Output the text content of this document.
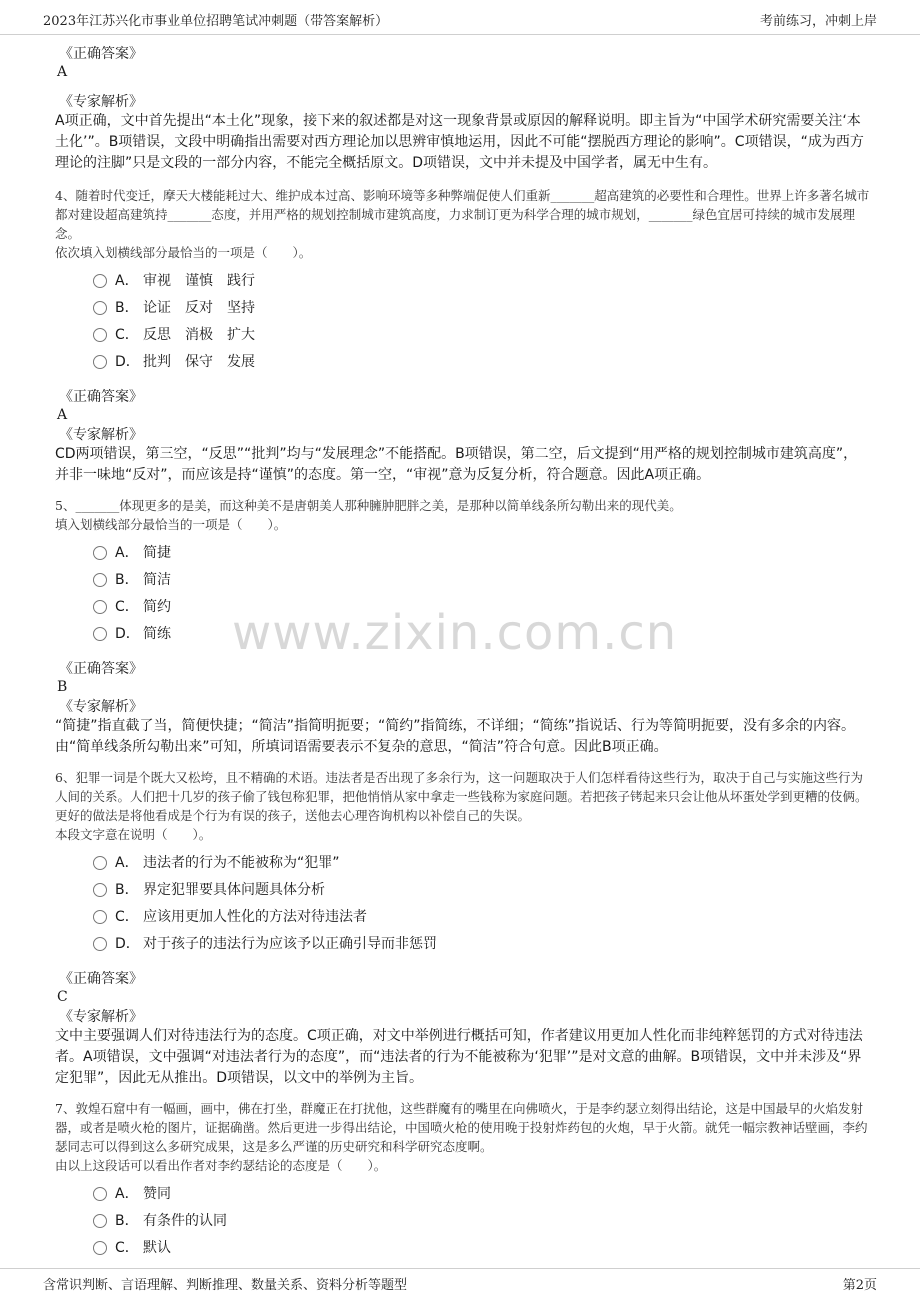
2023年江苏兴化市事业单位招聘笔试冲刺题（带答案解析）	考前练习，冲刺上岸
www.zixin.com.cn
《正确答案》
A
《专家解析》

A项正确，文中首先提出“本土化”现象，接下来的叙述都是对这一现象背景或原因的解释说明。即主旨为“中国学术研究需要关注‘本土化’”。B项错误，文段中明确指出需要对西方理论加以思辨审慎地运用，因此不可能“摆脱西方理论的影响”。C项错误，“成为西方理论的注脚”只是文段的一部分内容，不能完全概括原文。D项错误，文中并未提及中国学者，属无中生有。

4、随着时代变迁，摩天大楼能耗过大、维护成本过高、影响环境等多种弊端促使人们重新_______超高建筑的必要性和合理性。世界上许多著名城市都对建设超高建筑持_______态度，并用严格的规划控制城市建筑高度，力求制订更为科学合理的城市规划，_______绿色宜居可持续的城市发展理念。

依次填入划横线部分最恰当的一项是（　　）。

A． 审视　谨慎　践行
B． 论证　反对　坚持
C． 反思　消极　扩大
D． 批判　保守　发展
《正确答案》
A
《专家解析》

CD两项错误，第三空，“反思”“批判”均与“发展理念”不能搭配。B项错误，第二空，后文提到“用严格的规划控制城市建筑高度”，并非一味地“反对”，而应该是持“谨慎”的态度。第一空，“审视”意为反复分析，符合题意。因此A项正确。

5、_______体现更多的是美，而这种美不是唐朝美人那种臃肿肥胖之美，是那种以简单线条所勾勒出来的现代美。

填入划横线部分最恰当的一项是（　　）。

A． 简捷
B． 简洁
C． 简约
D． 简练
《正确答案》
B
《专家解析》

“简捷”指直截了当，简便快捷；“简洁”指简明扼要；“简约”指简练，不详细；“简练”指说话、行为等简明扼要，没有多余的内容。由“简单线条所勾勒出来”可知，所填词语需要表示不复杂的意思，“简洁”符合句意。因此B项正确。

6、犯罪一词是个既大又松垮，且不精确的术语。违法者是否出现了多余行为，这一问题取决于人们怎样看待这些行为，取决于自己与实施这些行为人间的关系。人们把十几岁的孩子偷了钱包称犯罪，把他悄悄从家中拿走一些钱称为家庭问题。若把孩子铐起来只会让他从坏蛋处学到更糟的伎俩。更好的做法是将他看成是个行为有误的孩子，送他去心理咨询机构以补偿自己的失误。

本段文字意在说明（　　）。

A． 违法者的行为不能被称为“犯罪”
B． 界定犯罪要具体问题具体分析
C． 应该用更加人性化的方法对待违法者
D． 对于孩子的违法行为应该予以正确引导而非惩罚
《正确答案》
C
《专家解析》

文中主要强调人们对待违法行为的态度。C项正确，对文中举例进行概括可知，作者建议用更加人性化而非纯粹惩罚的方式对待违法者。A项错误，文中强调“对违法者行为的态度”，而“违法者的行为不能被称为‘犯罪’”是对文意的曲解。B项错误，文中并未涉及“界定犯罪”，因此无从推出。D项错误，以文中的举例为主旨。

7、敦煌石窟中有一幅画，画中，佛在打坐，群魔正在打扰他，这些群魔有的嘴里在向佛喷火，于是李约瑟立刻得出结论，这是中国最早的火焰发射器，或者是喷火枪的图片，证据确凿。然后更进一步得出结论，中国喷火枪的使用晚于投射炸药包的火炮，早于火箭。就凭一幅宗教神话壁画，李约瑟同志可以得到这么多研究成果，这是多么严谨的历史研究和科学研究态度啊。

由以上这段话可以看出作者对李约瑟结论的态度是（　　）。

A． 赞同
B． 有条件的认同
C． 默认
含常识判断、言语理解、判断推理、数量关系、资料分析等题型	第2页
